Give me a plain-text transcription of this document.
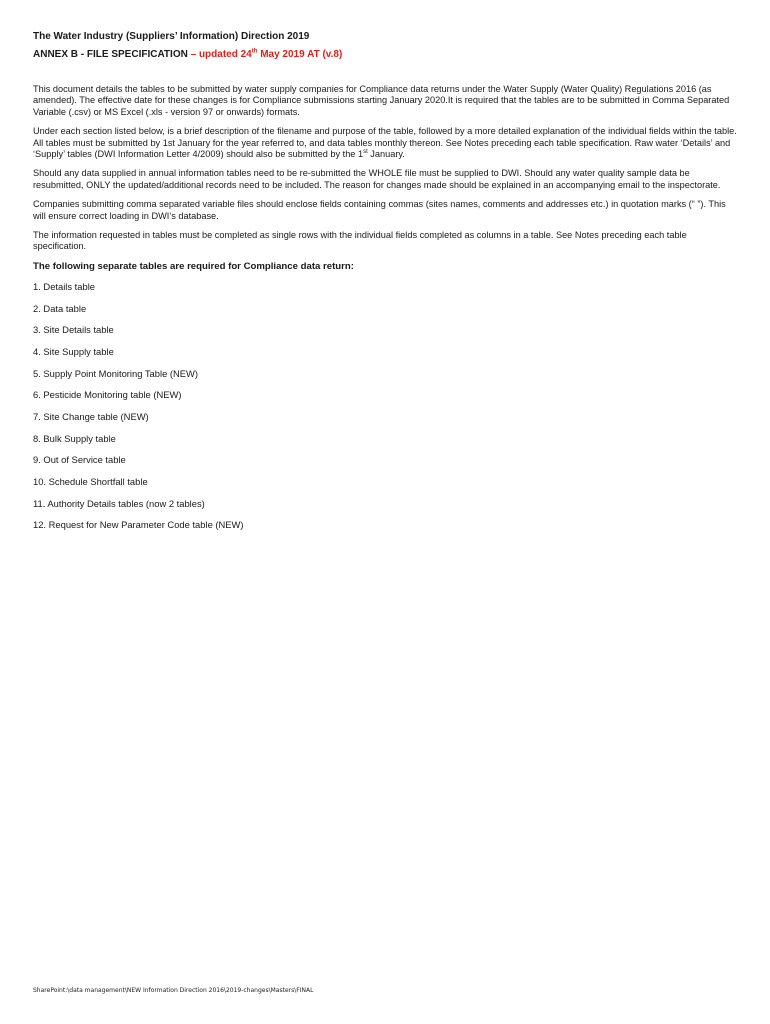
The Water Industry (Suppliers’ Information) Direction 2019

ANNEX B - FILE SPECIFICATION – updated 24th May 2019 AT (v.8)

This document details the tables to be submitted by water supply companies for Compliance data returns under the Water Supply (Water Quality) Regulations 2016 (as amended). The effective date for these changes is for Compliance submissions starting January 2020.It is required that the tables are to be submitted in Comma Separated Variable (.csv) or MS Excel (.xls - version 97 or onwards) formats.

Under each section listed below, is a brief description of the filename and purpose of the table, followed by a more detailed explanation of the individual fields within the table. All tables must be submitted by 1st January for the year referred to, and data tables monthly thereon. See Notes preceding each table specification. Raw water ‘Details’ and ‘Supply’ tables (DWI Information Letter 4/2009) should also be submitted by the 1st January.

Should any data supplied in annual information tables need to be re-submitted the WHOLE file must be supplied to DWI. Should any water quality sample data be resubmitted, ONLY the updated/additional records need to be included. The reason for changes made should be explained in an accompanying email to the inspectorate.

Companies submitting comma separated variable files should enclose fields containing commas (sites names, comments and addresses etc.) in quotation marks (“ ”). This will ensure correct loading in DWI’s database.

The information requested in tables must be completed as single rows with the individual fields completed as columns in a table. See Notes preceding each table specification.

The following separate tables are required for Compliance data return:

1. Details table
2. Data table
3. Site Details table
4. Site Supply table
5. Supply Point Monitoring Table (NEW)
6. Pesticide Monitoring table (NEW)
7. Site Change table (NEW)
8. Bulk Supply table
9. Out of Service table
10. Schedule Shortfall table
11. Authority Details tables (now 2 tables)
12. Request for New Parameter Code table (NEW)
SharePoint:\data management\NEW Information Direction 2016\2019-changes\Masters\FINAL
